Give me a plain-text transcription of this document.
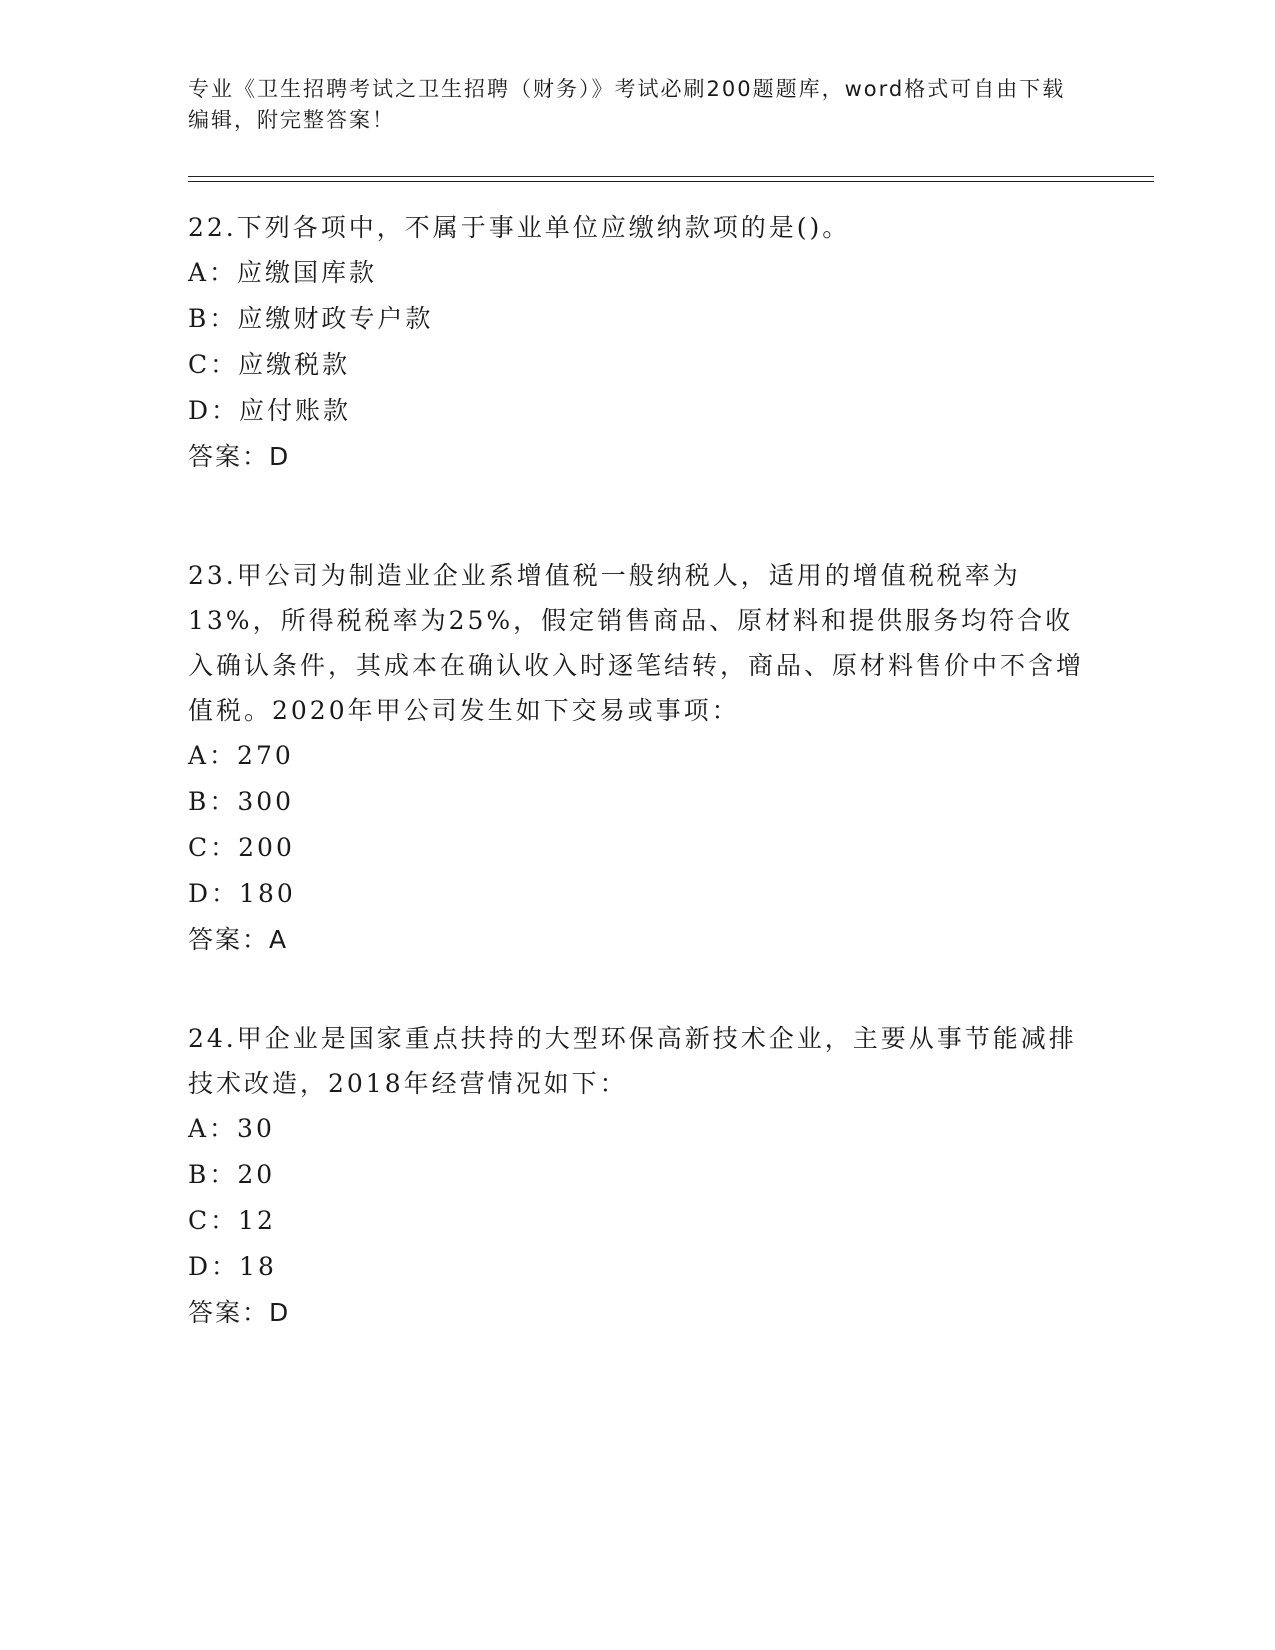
专业《卫生招聘考试之卫生招聘（财务）》考试必刷200题题库，word格式可自由下载编辑，附完整答案！

22.下列各项中，不属于事业单位应缴纳款项的是()。

A：应缴国库款

B：应缴财政专户款

C：应缴税款

D：应付账款

答案：D

23.甲公司为制造业企业系增值税一般纳税人，适用的增值税税率为13%，所得税税率为25%，假定销售商品、原材料和提供服务均符合收入确认条件，其成本在确认收入时逐笔结转，商品、原材料售价中不含增值税。2020年甲公司发生如下交易或事项：

A：270

B：300

C：200

D：180

答案：A

24.甲企业是国家重点扶持的大型环保高新技术企业，主要从事节能减排技术改造，2018年经营情况如下：

A：30

B：20

C：12

D：18

答案：D
